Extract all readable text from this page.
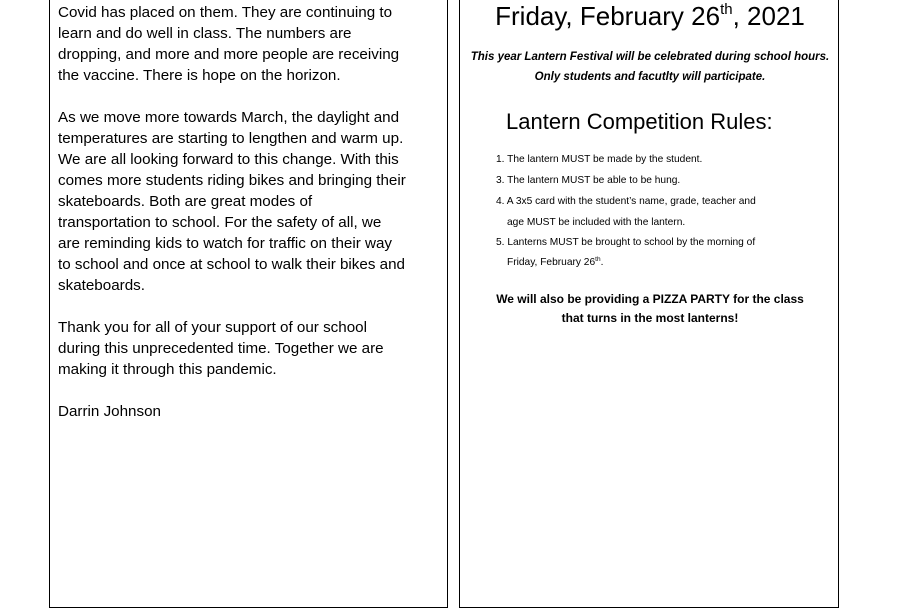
Covid has placed on them. They are continuing to
learn and do well in class. The numbers are
dropping, and more and more people are receiving
the vaccine. There is hope on the horizon.

As we move more towards March, the daylight and
temperatures are starting to lengthen and warm up.
We are all looking forward to this change. With this
comes more students riding bikes and bringing their
skateboards. Both are great modes of
transportation to school. For the safety of all, we
are reminding kids to watch for traffic on their way
to school and once at school to walk their bikes and
skateboards.

Thank you for all of your support of our school
during this unprecedented time. Together we are
making it through this pandemic.

Darrin Johnson

Friday, February 26th, 2021
This year Lantern Festival will be celebrated during school hours.
Only students and facutlty will participate.
Lantern Competition Rules:
1. The lantern MUST be made by the student.
3. The lantern MUST be able to be hung.
4. A 3x5 card with the student’s name, grade, teacher and
age MUST be included with the lantern.
5. Lanterns MUST be brought to school by the morning of
Friday, February 26th.
We will also be providing a PIZZA PARTY for the class
that turns in the most lanterns!
